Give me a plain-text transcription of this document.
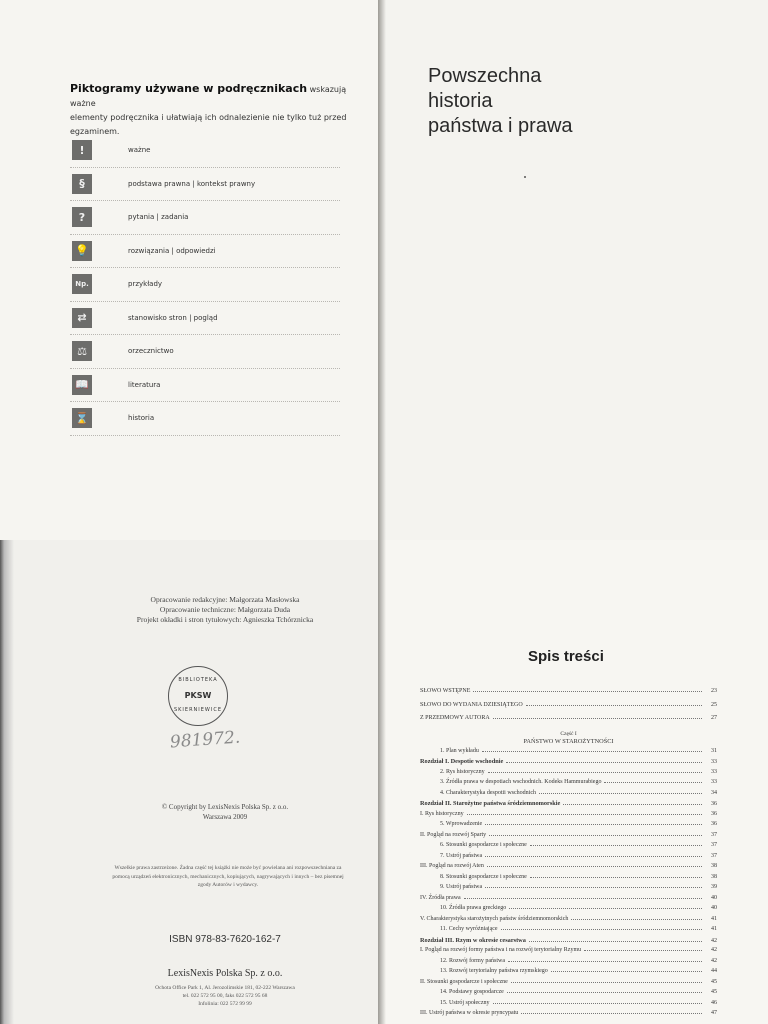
Piktogramy używane w podręcznikach wskazują ważne
elementy podręcznika i ułatwiają ich odnalezienie nie tylko tuż przed egzaminem.
!	ważne
§	podstawa prawna | kontekst prawny
?	pytania | zadania
💡	rozwiązania | odpowiedzi
Np.	przykłady
⇄	stanowisko stron | pogląd
⚖	orzecznictwo
📖	literatura
⌛	historia
Powszechna
historia
państwa i prawa
Opracowanie redakcyjne: Małgorzata Masłowska
Opracowanie techniczne: Małgorzata Duda
Projekt okładki i stron tytułowych: Agnieszka Tchórznicka
BIBLIOTEKA
PKSW
SKIERNIEWICE
981972.
© Copyright by LexisNexis Polska Sp. z o.o.
Warszawa 2009
Wszelkie prawa zastrzeżone. Żadna część tej książki nie może być powielana ani rozpowszechniana za pomocą urządzeń elektronicznych, mechanicznych, kopiujących, nagrywających i innych – bez pisemnej zgody Autorów i wydawcy.
ISBN 978-83-7620-162-7
LexisNexis Polska Sp. z o.o.
Ochota Office Park 1, Al. Jerozolimskie 181, 02-222 Warszawa
tel. 022 572 95 00, faks 022 572 95 68
Infolinia: 022 572 99 99
Spis treści
SŁOWO WSTĘPNE	23
SŁOWO DO WYDANIA DZIESIĄTEGO	25
Z PRZEDMOWY AUTORA	27
Część I
PAŃSTWO W STAROŻYTNOŚCI
1. Plan wykładu	31
Rozdział I. Despotie wschodnie	33
2. Rys historyczny	33
3. Źródła prawa w despotiach wschodnich. Kodeks Hammurabiego	33
4. Charakterystyka despotii wschodnich	34
Rozdział II. Starożytne państwa śródziemnomorskie	36
I. Rys historyczny	36
5. Wprowadzenie	36
II. Pogląd na rozwój Sparty	37
6. Stosunki gospodarcze i społeczne	37
7. Ustrój państwa	37
III. Pogląd na rozwój Aten	38
8. Stosunki gospodarcze i społeczne	38
9. Ustrój państwa	39
IV. Źródła prawa	40
10. Źródła prawa greckiego	40
V. Charakterystyka starożytnych państw śródziemnomorskich	41
11. Cechy wyróżniające	41
Rozdział III. Rzym w okresie cesarstwa	42
I. Pogląd na rozwój formy państwa i na rozwój terytorialny Rzymu	42
12. Rozwój formy państwa	42
13. Rozwój terytorialny państwa rzymskiego	44
II. Stosunki gospodarcze i społeczne	45
14. Podstawy gospodarcze	45
15. Ustrój społeczny	46
III. Ustrój państwa w okresie pryncypatu	47
